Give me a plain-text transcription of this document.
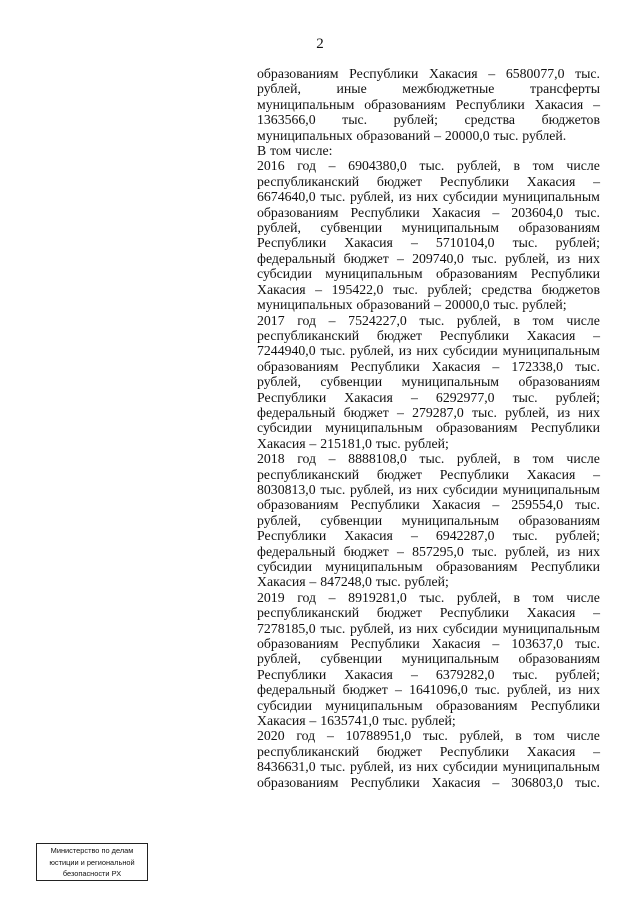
2
образованиям Республики Хакасия – 6580077,0 тыс.
рублей,	иные	межбюджетные	трансферты
муниципальным образованиям Республики Хакасия –
1363566,0 тыс. рублей; средства бюджетов
муниципальных образований – 20000,0 тыс. рублей.
В том числе:
2016 год – 6904380,0 тыс. рублей, в том числе
республиканский бюджет Республики Хакасия –
6674640,0 тыс. рублей, из них субсидии муниципальным
образованиям Республики Хакасия – 203604,0 тыс.
рублей, субвенции муниципальным образованиям
Республики Хакасия – 5710104,0 тыс. рублей;
федеральный бюджет – 209740,0 тыс. рублей, из них
субсидии муниципальным образованиям Республики
Хакасия – 195422,0 тыс. рублей; средства бюджетов
муниципальных образований – 20000,0 тыс. рублей;
2017 год – 7524227,0 тыс. рублей, в том числе
республиканский бюджет Республики Хакасия –
7244940,0 тыс. рублей, из них субсидии муниципальным
образованиям Республики Хакасия – 172338,0 тыс.
рублей, субвенции муниципальным образованиям
Республики Хакасия – 6292977,0 тыс. рублей;
федеральный бюджет – 279287,0 тыс. рублей, из них
субсидии муниципальным образованиям Республики
Хакасия – 215181,0 тыс. рублей;
2018 год – 8888108,0 тыс. рублей, в том числе
республиканский бюджет Республики Хакасия –
8030813,0 тыс. рублей, из них субсидии муниципальным
образованиям Республики Хакасия – 259554,0 тыс.
рублей, субвенции муниципальным образованиям
Республики Хакасия – 6942287,0 тыс. рублей;
федеральный бюджет – 857295,0 тыс. рублей, из них
субсидии муниципальным образованиям Республики
Хакасия – 847248,0 тыс. рублей;
2019 год – 8919281,0 тыс. рублей, в том числе
республиканский бюджет Республики Хакасия –
7278185,0 тыс. рублей, из них субсидии муниципальным
образованиям Республики Хакасия – 103637,0 тыс.
рублей, субвенции муниципальным образованиям
Республики Хакасия – 6379282,0 тыс. рублей;
федеральный бюджет – 1641096,0 тыс. рублей, из них
субсидии муниципальным образованиям Республики
Хакасия – 1635741,0 тыс. рублей;
2020 год – 10788951,0 тыс. рублей, в том числе
республиканский бюджет Республики Хакасия –
8436631,0 тыс. рублей, из них субсидии муниципальным
образованиям Республики Хакасия – 306803,0 тыс.
Министерство по делам
юстиции и региональной
безопасности РХ
